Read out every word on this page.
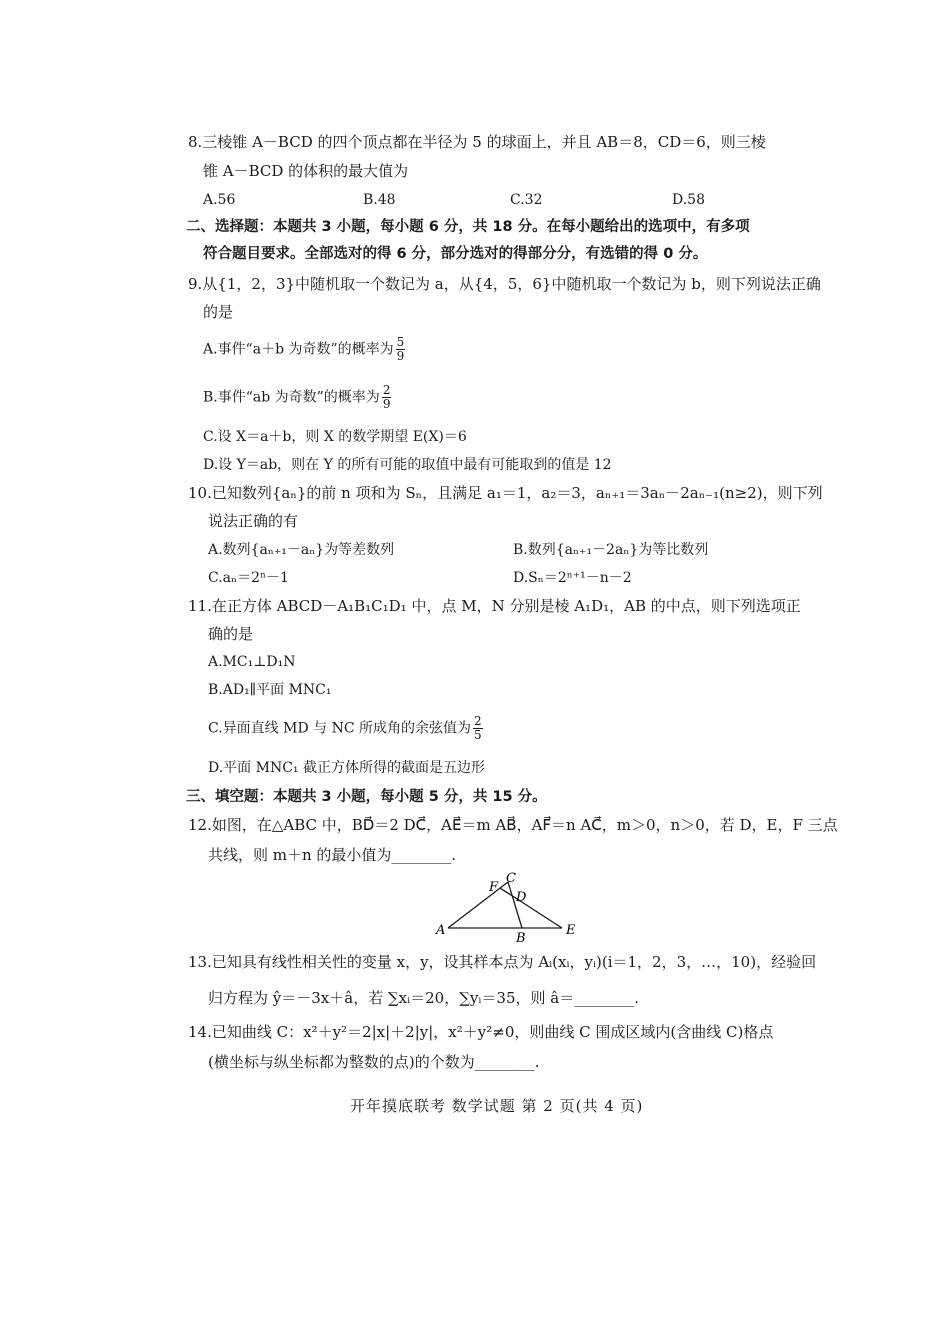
8.三棱锥 A－BCD 的四个顶点都在半径为 5 的球面上，并且 AB＝8，CD＝6，则三棱
锥 A－BCD 的体积的最大值为
A.56	B.48	C.32	D.58
二、选择题：本题共 3 小题，每小题 6 分，共 18 分。在每小题给出的选项中，有多项
符合题目要求。全部选对的得 6 分，部分选对的得部分分，有选错的得 0 分。
9.从{1，2，3}中随机取一个数记为 a，从{4，5，6}中随机取一个数记为 b，则下列说法正确
的是
A.事件“a＋b 为奇数”的概率为 $\frac{5}{9}$
B.事件“ab 为奇数”的概率为 $\frac{2}{9}$
C.设 X＝a＋b，则 X 的数学期望 E(X)＝6
D.设 Y＝ab，则在 Y 的所有可能的取值中最有可能取到的值是 12
10.已知数列{aₙ}的前 n 项和为 Sₙ，且满足 a₁＝1，a₂＝3，aₙ₊₁＝3aₙ－2aₙ₋₁(n≥2)，则下列
说法正确的有
A.数列{aₙ₊₁－aₙ}为等差数列	B.数列{aₙ₊₁－2aₙ}为等比数列
C.aₙ＝2ⁿ－1	D.Sₙ＝2ⁿ⁺¹－n－2
11.在正方体 ABCD－A₁B₁C₁D₁ 中，点 M，N 分别是棱 A₁D₁，AB 的中点，则下列选项正
确的是
A.MC₁⊥D₁N
B.AD₁∥平面 MNC₁
C.异面直线 MD 与 NC 所成角的余弦值为 $\frac{2}{5}$
D.平面 MNC₁ 截正方体所得的截面是五边形
三、填空题：本题共 3 小题，每小题 5 分，共 15 分。
12.如图，在△ABC 中，BD⃗＝2 DC⃗，AE⃗＝m AB⃗，AF⃗＝n AC⃗，m＞0，n＞0，若 D，E，F 三点
共线，则 m＋n 的最小值为________.
A
B
C
D
E
F
13.已知具有线性相关性的变量 x，y，设其样本点为 Aᵢ(xᵢ，yᵢ)(i＝1，2，3，…，10)，经验回
归方程为 ŷ＝－3x＋â，若 ∑xᵢ＝20，∑yᵢ＝35，则 â＝________.
14.已知曲线 C：x²＋y²＝2|x|＋2|y|，x²＋y²≠0，则曲线 C 围成区域内(含曲线 C)格点
(横坐标与纵坐标都为整数的点)的个数为________.
开年摸底联考 数学试题 第 2 页(共 4 页)
